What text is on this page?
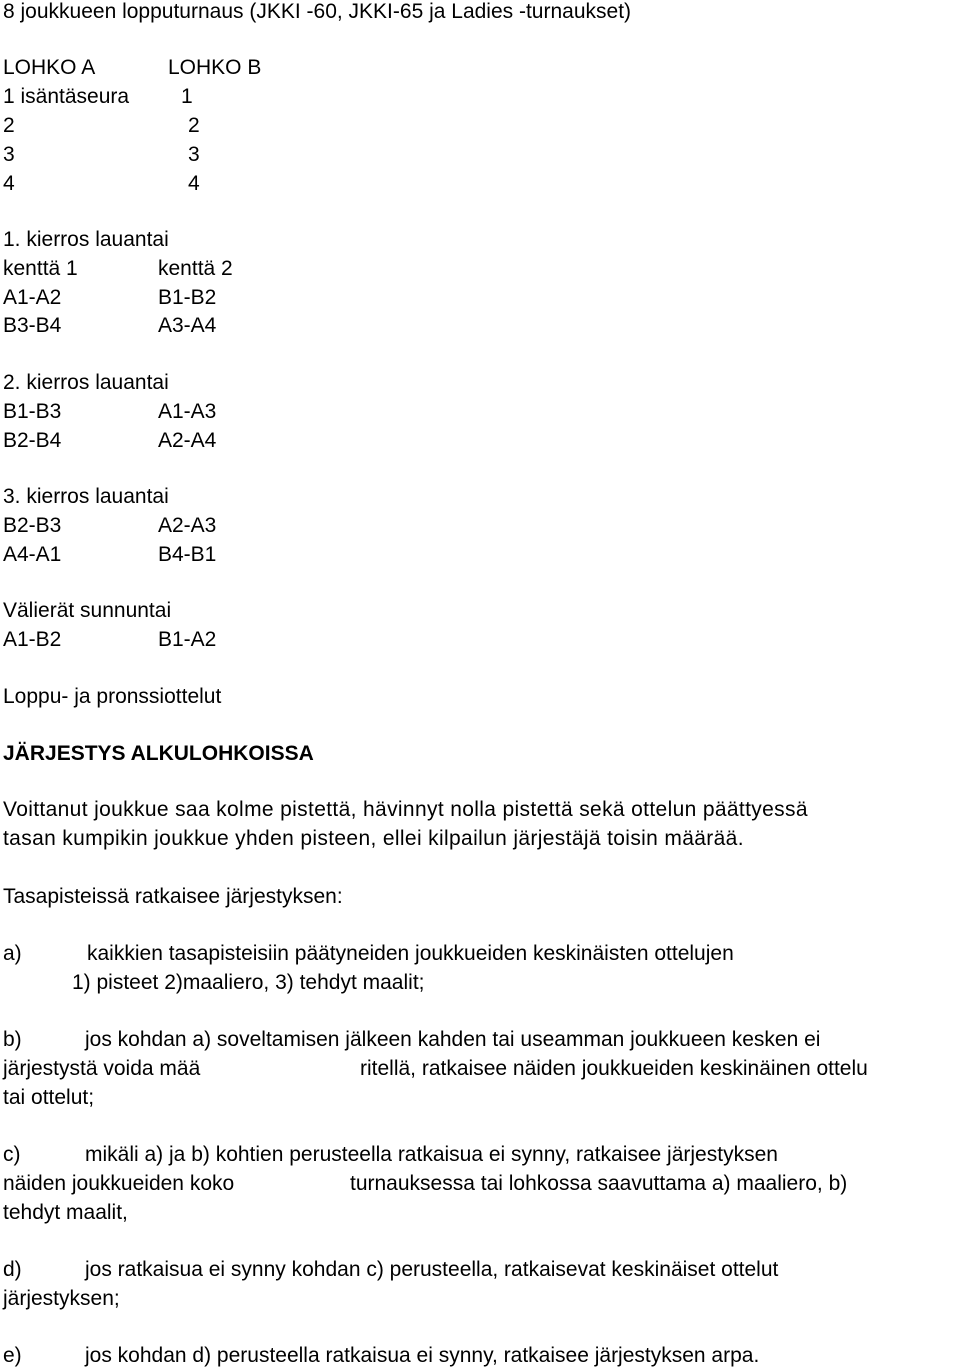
8 joukkueen lopputurnaus (JKKI -60, JKKI-65 ja Ladies -turnaukset)
LOHKO A	LOHKO B
1 isäntäseura 1
2	2
3	3
4	4
1. kierros lauantai
kenttä 1	kenttä 2
A1-A2	B1-B2
B3-B4	A3-A4
2. kierros lauantai
B1-B3	A1-A3
B2-B4	A2-A4
3. kierros lauantai
B2-B3	A2-A3
A4-A1	B4-B1
Välierät sunnuntai
A1-B2	B1-A2
Loppu- ja pronssiottelut
JÄRJESTYS ALKULOHKOISSA
Voittanut joukkue saa kolme pistettä, hävinnyt nolla pistettä sekä ottelun päättyessä
tasan kumpikin joukkue yhden pisteen, ellei kilpailun järjestäjä toisin määrää.
Tasapisteissä ratkaisee järjestyksen:
a)	kaikkien tasapisteisiin päätyneiden joukkueiden keskinäisten ottelujen
1) pisteet 2)maaliero, 3) tehdyt maalit;
b)	jos kohdan a) soveltamisen jälkeen kahden tai useamman joukkueen kesken ei
järjestystä voida mää	ritellä, ratkaisee näiden joukkueiden keskinäinen ottelu
tai ottelut;
c)	mikäli a) ja b) kohtien perusteella ratkaisua ei synny, ratkaisee järjestyksen
näiden joukkueiden koko	turnauksessa tai lohkossa saavuttama a) maaliero, b)
tehdyt maalit,
d)	jos ratkaisua ei synny kohdan c) perusteella, ratkaisevat keskinäiset ottelut
järjestyksen;
e)	jos kohdan d) perusteella ratkaisua ei synny, ratkaisee järjestyksen arpa.
